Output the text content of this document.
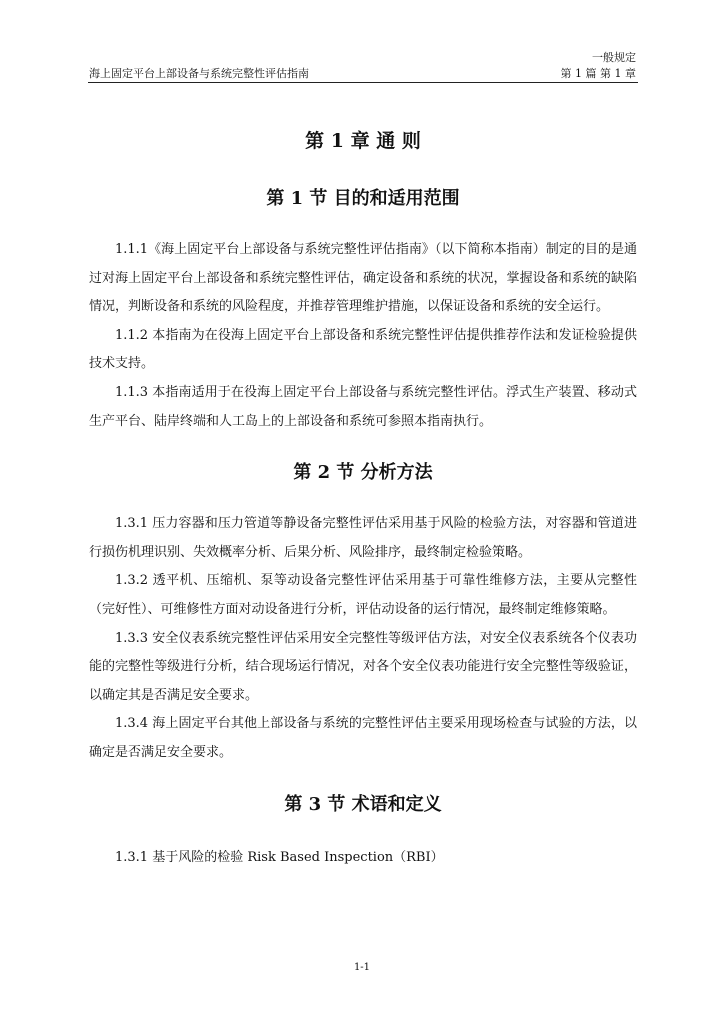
一般规定
海上固定平台上部设备与系统完整性评估指南	第 1 篇 第 1 章
第 1 章 通 则
第 1 节 目的和适用范围

1.1.1《海上固定平台上部设备与系统完整性评估指南》（以下简称本指南）制定的目的是通过对海上固定平台上部设备和系统完整性评估，确定设备和系统的状况，掌握设备和系统的缺陷情况，判断设备和系统的风险程度，并推荐管理维护措施，以保证设备和系统的安全运行。

1.1.2 本指南为在役海上固定平台上部设备和系统完整性评估提供推荐作法和发证检验提供技术支持。

1.1.3 本指南适用于在役海上固定平台上部设备与系统完整性评估。浮式生产装置、移动式生产平台、陆岸终端和人工岛上的上部设备和系统可参照本指南执行。

第 2 节 分析方法

1.3.1 压力容器和压力管道等静设备完整性评估采用基于风险的检验方法，对容器和管道进行损伤机理识别、失效概率分析、后果分析、风险排序，最终制定检验策略。

1.3.2 透平机、压缩机、泵等动设备完整性评估采用基于可靠性维修方法，主要从完整性（完好性）、可维修性方面对动设备进行分析，评估动设备的运行情况，最终制定维修策略。

1.3.3 安全仪表系统完整性评估采用安全完整性等级评估方法，对安全仪表系统各个仪表功能的完整性等级进行分析，结合现场运行情况，对各个安全仪表功能进行安全完整性等级验证，以确定其是否满足安全要求。

1.3.4 海上固定平台其他上部设备与系统的完整性评估主要采用现场检查与试验的方法，以确定是否满足安全要求。

第 3 节 术语和定义

1.3.1 基于风险的检验 Risk Based Inspection（RBI）

1-1
